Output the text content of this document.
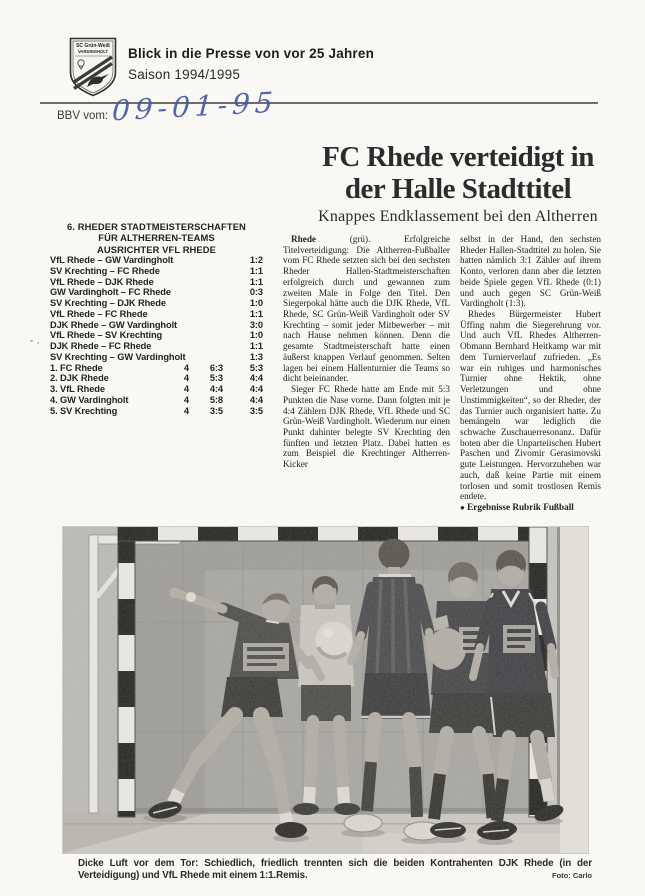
SC Grün-Weiß
VARDINGHOLT Blick in die Presse von vor 25 Jahren
Saison 1994/1995
BBV vom: 09-01-95
6. RHEDER STADTMEISTERSCHAFTEN
FÜR ALTHERREN-TEAMS
AUSRICHTER VFL RHEDE
VfL Rhede – GW Vardingholt	1:2
SV Krechting – FC Rhede	1:1
VfL Rhede – DJK Rhede	1:1
GW Vardingholt – FC Rhede	0:3
SV Krechting – DJK Rhede	1:0
VfL Rhede – FC Rhede	1:1
DJK Rhede – GW Vardingholt	3:0
VfL Rhede – SV Krechting	1:0
DJK Rhede – FC Rhede	1:1
SV Krechting – GW Vardingholt	1:3
1. FC Rhede	4	6:3	5:3
2. DJK Rhede	4	5:3	4:4
3. VfL Rhede	4	4:4	4:4
4. GW Vardingholt	4	5:8	4:4
5. SV Krechting	4	3:5	3:5
FC Rhede verteidigt in
der Halle Stadttitel
Knappes Endklassement bei den Altherren

Rhede (grü). Erfolgreiche Titelverteidigung: Die Altherren-Fußballer vom FC Rhede setzten sich bei den sechsten Rheder Hallen-Stadtmeisterschaften erfolgreich durch und gewannen zum zweiten Male in Folge den Titel. Den Siegerpokal hätte auch die DJK Rhede, VfL Rhede, SC Grün-Weiß Vardingholt oder SV Krechting – somit jeder Mitbewerber – mit nach Hause nehmen können. Denn die gesamte Stadtmeisterschaft hatte einen äußerst knappen Verlauf genommen. Selten lagen bei einem Hallenturnier die Teams so dicht beieinander.

Sieger FC Rhede hatte am Ende mit 5:3 Punkten die Nase vorne. Dann folgten mit je 4:4 Zählern DJK Rhede, VfL Rhede und SC Grün-Weiß Vardingholt. Wiederum nur einen Punkt dahinter belegte SV Krechting den fünften und letzten Platz. Dabei hatten es zum Beispiel die Krechtinger Altherren-Kicker

selbst in der Hand, den sechsten Rheder Hallen-Stadttitel zu holen. Sie hatten nämlich 3:1 Zähler auf ihrem Konto, verloren dann aber die letzten beide Spiele gegen VfL Rhede (0:1) und auch gegen SC Grün-Weiß Vardingholt (1:3).

Rhedes Bürgermeister Hubert Üffing nahm die Siegerehrung vor. Und auch VfL Rhedes Altherren-Obmann Bernhard Heitkamp war mit dem Turnierverlauf zufrieden. „Es war ein ruhiges und harmonisches Turnier ohne Hektik, ohne Verletzungen und ohne Unstimmigkeiten“, so der Rheder, der das Turnier auch organisiert hatte. Zu bemängeln war lediglich die schwache Zuschauerresonanz. Dafür boten aber die Unparteiischen Hubert Paschen und Zivomir Gerasimovski gute Leistungen. Hervorzuheben war auch, daß keine Partie mit einem torlosen und somit trostlosen Remis endete.

● Ergebnisse Rubrik Fußball

Dicke Luft vor dem Tor: Schiedlich, friedlich trennten sich die beiden Kontrahenten DJK Rhede (in der Verteidigung) und VfL Rhede mit einem 1:1.Remis.	Foto: Carlo
